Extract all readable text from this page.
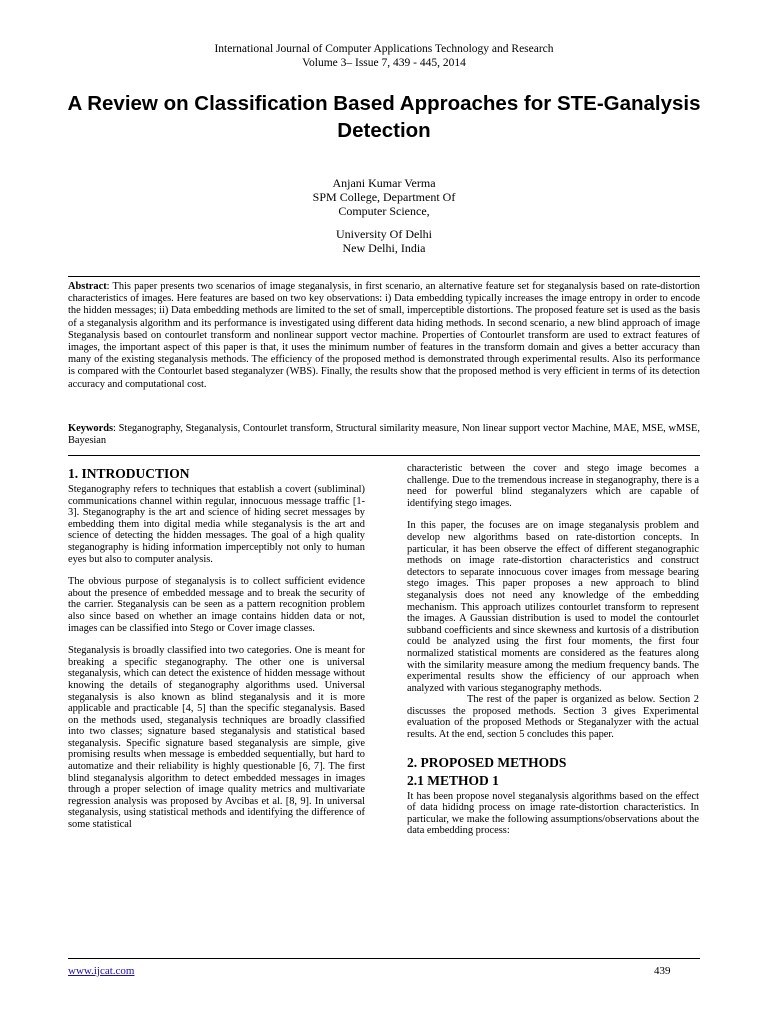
International Journal of Computer Applications Technology and Research
Volume 3– Issue 7, 439 - 445, 2014
A Review on Classification Based Approaches for STE-Ganalysis Detection
Anjani Kumar Verma
SPM College, Department Of
Computer Science,
University Of Delhi
New Delhi, India
Abstract: This paper presents two scenarios of image steganalysis, in first scenario, an alternative feature set for steganalysis based on rate-distortion characteristics of images. Here features are based on two key observations: i) Data embedding typically increases the image entropy in order to encode the hidden messages; ii) Data embedding methods are limited to the set of small, imperceptible distortions. The proposed feature set is used as the basis of a steganalysis algorithm and its performance is investigated using different data hiding methods. In second scenario, a new blind approach of image Steganalysis based on contourlet transform and nonlinear support vector machine. Properties of Contourlet transform are used to extract features of images, the important aspect of this paper is that, it uses the minimum number of features in the transform domain and gives a better accuracy than many of the existing steganalysis methods. The efficiency of the proposed method is demonstrated through experimental results. Also its performance is compared with the Contourlet based steganalyzer (WBS). Finally, the results show that the proposed method is very efficient in terms of its detection accuracy and computational cost.
Keywords: Steganography, Steganalysis, Contourlet transform, Structural similarity measure, Non linear support vector Machine, MAE, MSE, wMSE, Bayesian
1. INTRODUCTION

Steganography refers to techniques that establish a covert (subliminal) communications channel within regular, innocuous message traffic [1-3]. Steganography is the art and science of hiding secret messages by embedding them into digital media while steganalysis is the art and science of detecting the hidden messages. The goal of a high quality steganography is hiding information imperceptibly not only to human eyes but also to computer analysis.

The obvious purpose of steganalysis is to collect sufficient evidence about the presence of embedded message and to break the security of the carrier. Steganalysis can be seen as a pattern recognition problem also since based on whether an image contains hidden data or not, images can be classified into Stego or Cover image classes.

Steganalysis is broadly classified into two categories. One is meant for breaking a specific steganography. The other one is universal steganalysis, which can detect the existence of hidden message without knowing the details of steganography algorithms used. Universal steganalysis is also known as blind steganalysis and it is more applicable and practicable [4, 5] than the specific steganalysis. Based on the methods used, steganalysis techniques are broadly classified into two classes; signature based steganalysis and statistical based steganalysis. Specific signature based steganalysis are simple, give promising results when message is embedded sequentially, but hard to automatize and their reliability is highly questionable [6, 7]. The first blind steganalysis algorithm to detect embedded messages in images through a proper selection of image quality metrics and multivariate regression analysis was proposed by Avcibas et al. [8, 9]. In universal steganalysis, using statistical methods and identifying the difference of some statistical

characteristic between the cover and stego image becomes a challenge. Due to the tremendous increase in steganography, there is a need for powerful blind steganalyzers which are capable of identifying stego images.

In this paper, the focuses are on image steganalysis problem and develop new algorithms based on rate-distortion concepts. In particular, it has been observe the effect of different steganographic methods on image rate-distortion characteristics and construct detectors to separate innocuous cover images from message bearing stego images. This paper proposes a new approach to blind steganalysis does not need any knowledge of the embedding mechanism. This approach utilizes contourlet transform to represent the images. A Gaussian distribution is used to model the contourlet subband coefficients and since skewness and kurtosis of a distribution could be analyzed using the first four moments, the first four normalized statistical moments are considered as the features along with the similarity measure among the medium frequency bands. The experimental results show the efficiency of our approach when analyzed with various steganography methods.

The rest of the paper is organized as below. Section 2 discusses the proposed methods. Section 3 gives Experimental evaluation of the proposed Methods or Steganalyzer with the actual results. At the end, section 5 concludes this paper.

2. PROPOSED METHODS
2.1 METHOD 1

It has been propose novel steganalysis algorithms based on the effect of data hididng process on image rate-distortion characteristics. In particular, we make the following assumptions/observations about the data embedding process:

www.ijcat.com	439
